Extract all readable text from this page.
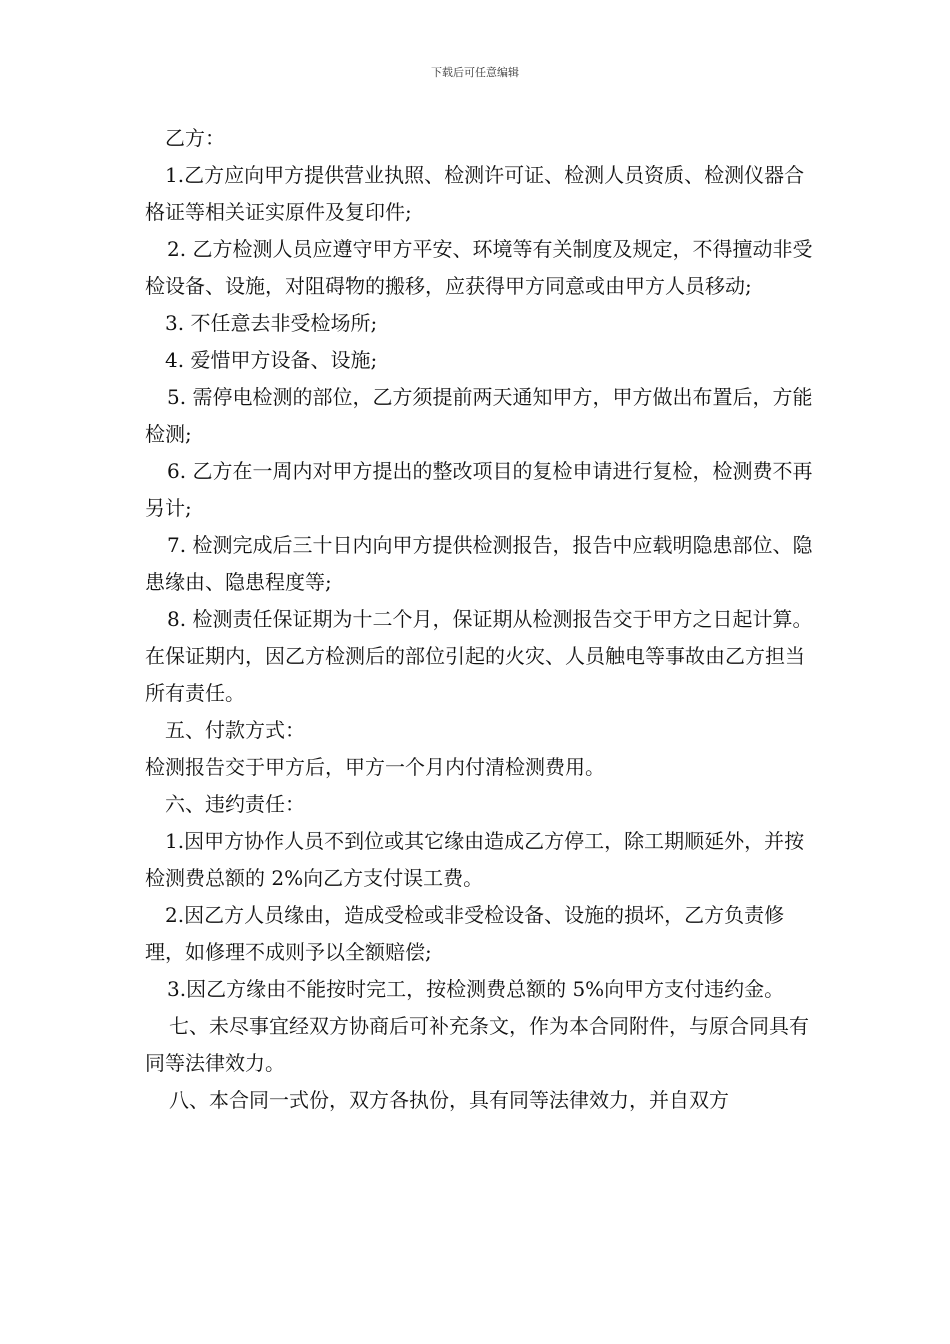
下载后可任意编辑

乙方：

1.乙方应向甲方提供营业执照、检测许可证、检测人员资质、检测仪器合格证等相关证实原件及复印件;

2. 乙方检测人员应遵守甲方平安、环境等有关制度及规定，不得擅动非受检设备、设施，对阻碍物的搬移，应获得甲方同意或由甲方人员移动;

3. 不任意去非受检场所;

4. 爱惜甲方设备、设施;

5. 需停电检测的部位，乙方须提前两天通知甲方，甲方做出布置后，方能检测;

6. 乙方在一周内对甲方提出的整改项目的复检申请进行复检，检测费不再另计;

7. 检测完成后三十日内向甲方提供检测报告，报告中应载明隐患部位、隐患缘由、隐患程度等;

8. 检测责任保证期为十二个月，保证期从检测报告交于甲方之日起计算。在保证期内，因乙方检测后的部位引起的火灾、人员触电等事故由乙方担当所有责任。

五、付款方式：

检测报告交于甲方后，甲方一个月内付清检测费用。

六、违约责任：

1.因甲方协作人员不到位或其它缘由造成乙方停工，除工期顺延外，并按检测费总额的 2%向乙方支付误工费。

2.因乙方人员缘由，造成受检或非受检设备、设施的损坏，乙方负责修理，如修理不成则予以全额赔偿;

3.因乙方缘由不能按时完工，按检测费总额的 5%向甲方支付违约金。

七、未尽事宜经双方协商后可补充条文，作为本合同附件，与原合同具有同等法律效力。

八、本合同一式份，双方各执份，具有同等法律效力，并自双方
